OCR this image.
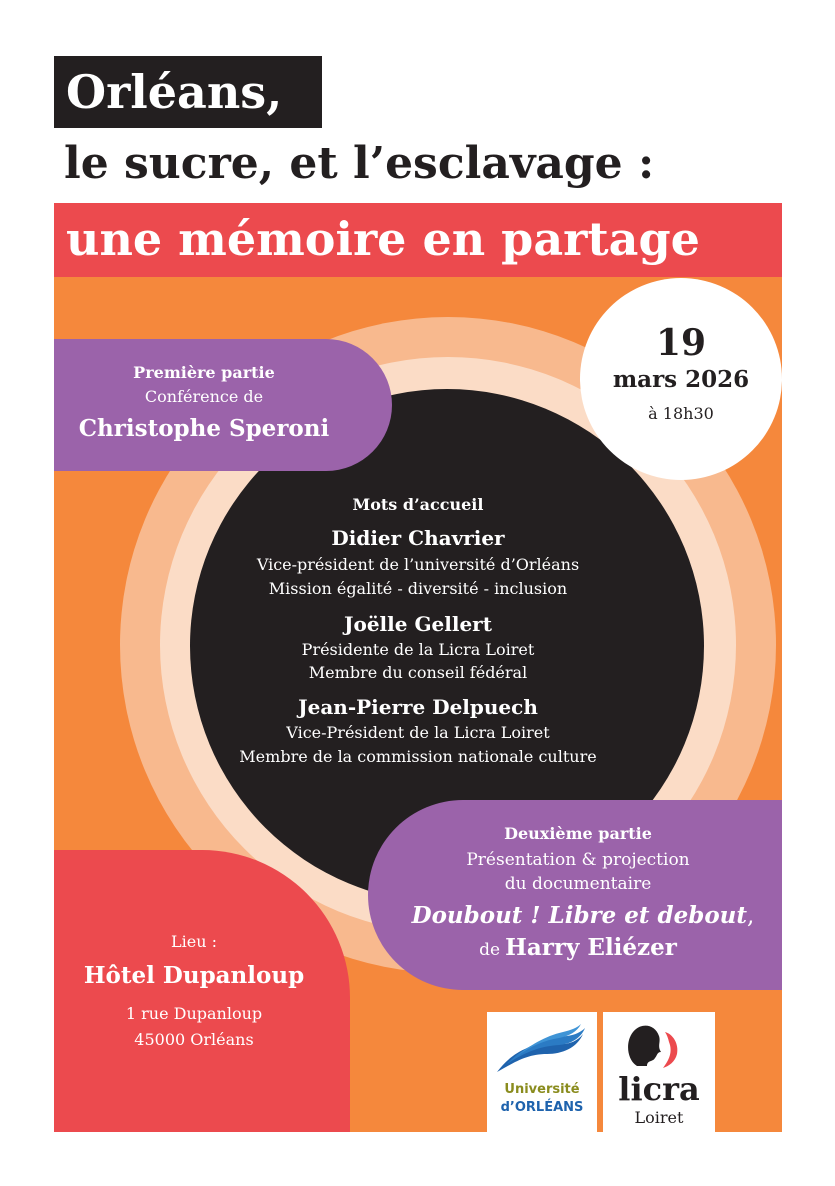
Orléans,
le sucre, et l’esclavage :
une mémoire en partage
Mots d’accueil
Didier Chavrier
Vice-président de l’université d’Orléans
Mission égalité - diversité - inclusion
Joëlle Gellert
Présidente de la Licra Loiret
Membre du conseil fédéral
Jean-Pierre Delpuech
Vice-Président de la Licra Loiret
Membre de la commission nationale culture
Première partie
Conférence de
Christophe Speroni
19
mars 2026
à 18h30
Deuxième partie
Présentation & projection
du documentaire
Doubout ! Libre et debout,
de Harry Eliézer
Lieu :
Hôtel Dupanloup
1 rue Dupanloup
45000 Orléans
Université
d’ORLÉANS	licra
Loiret
